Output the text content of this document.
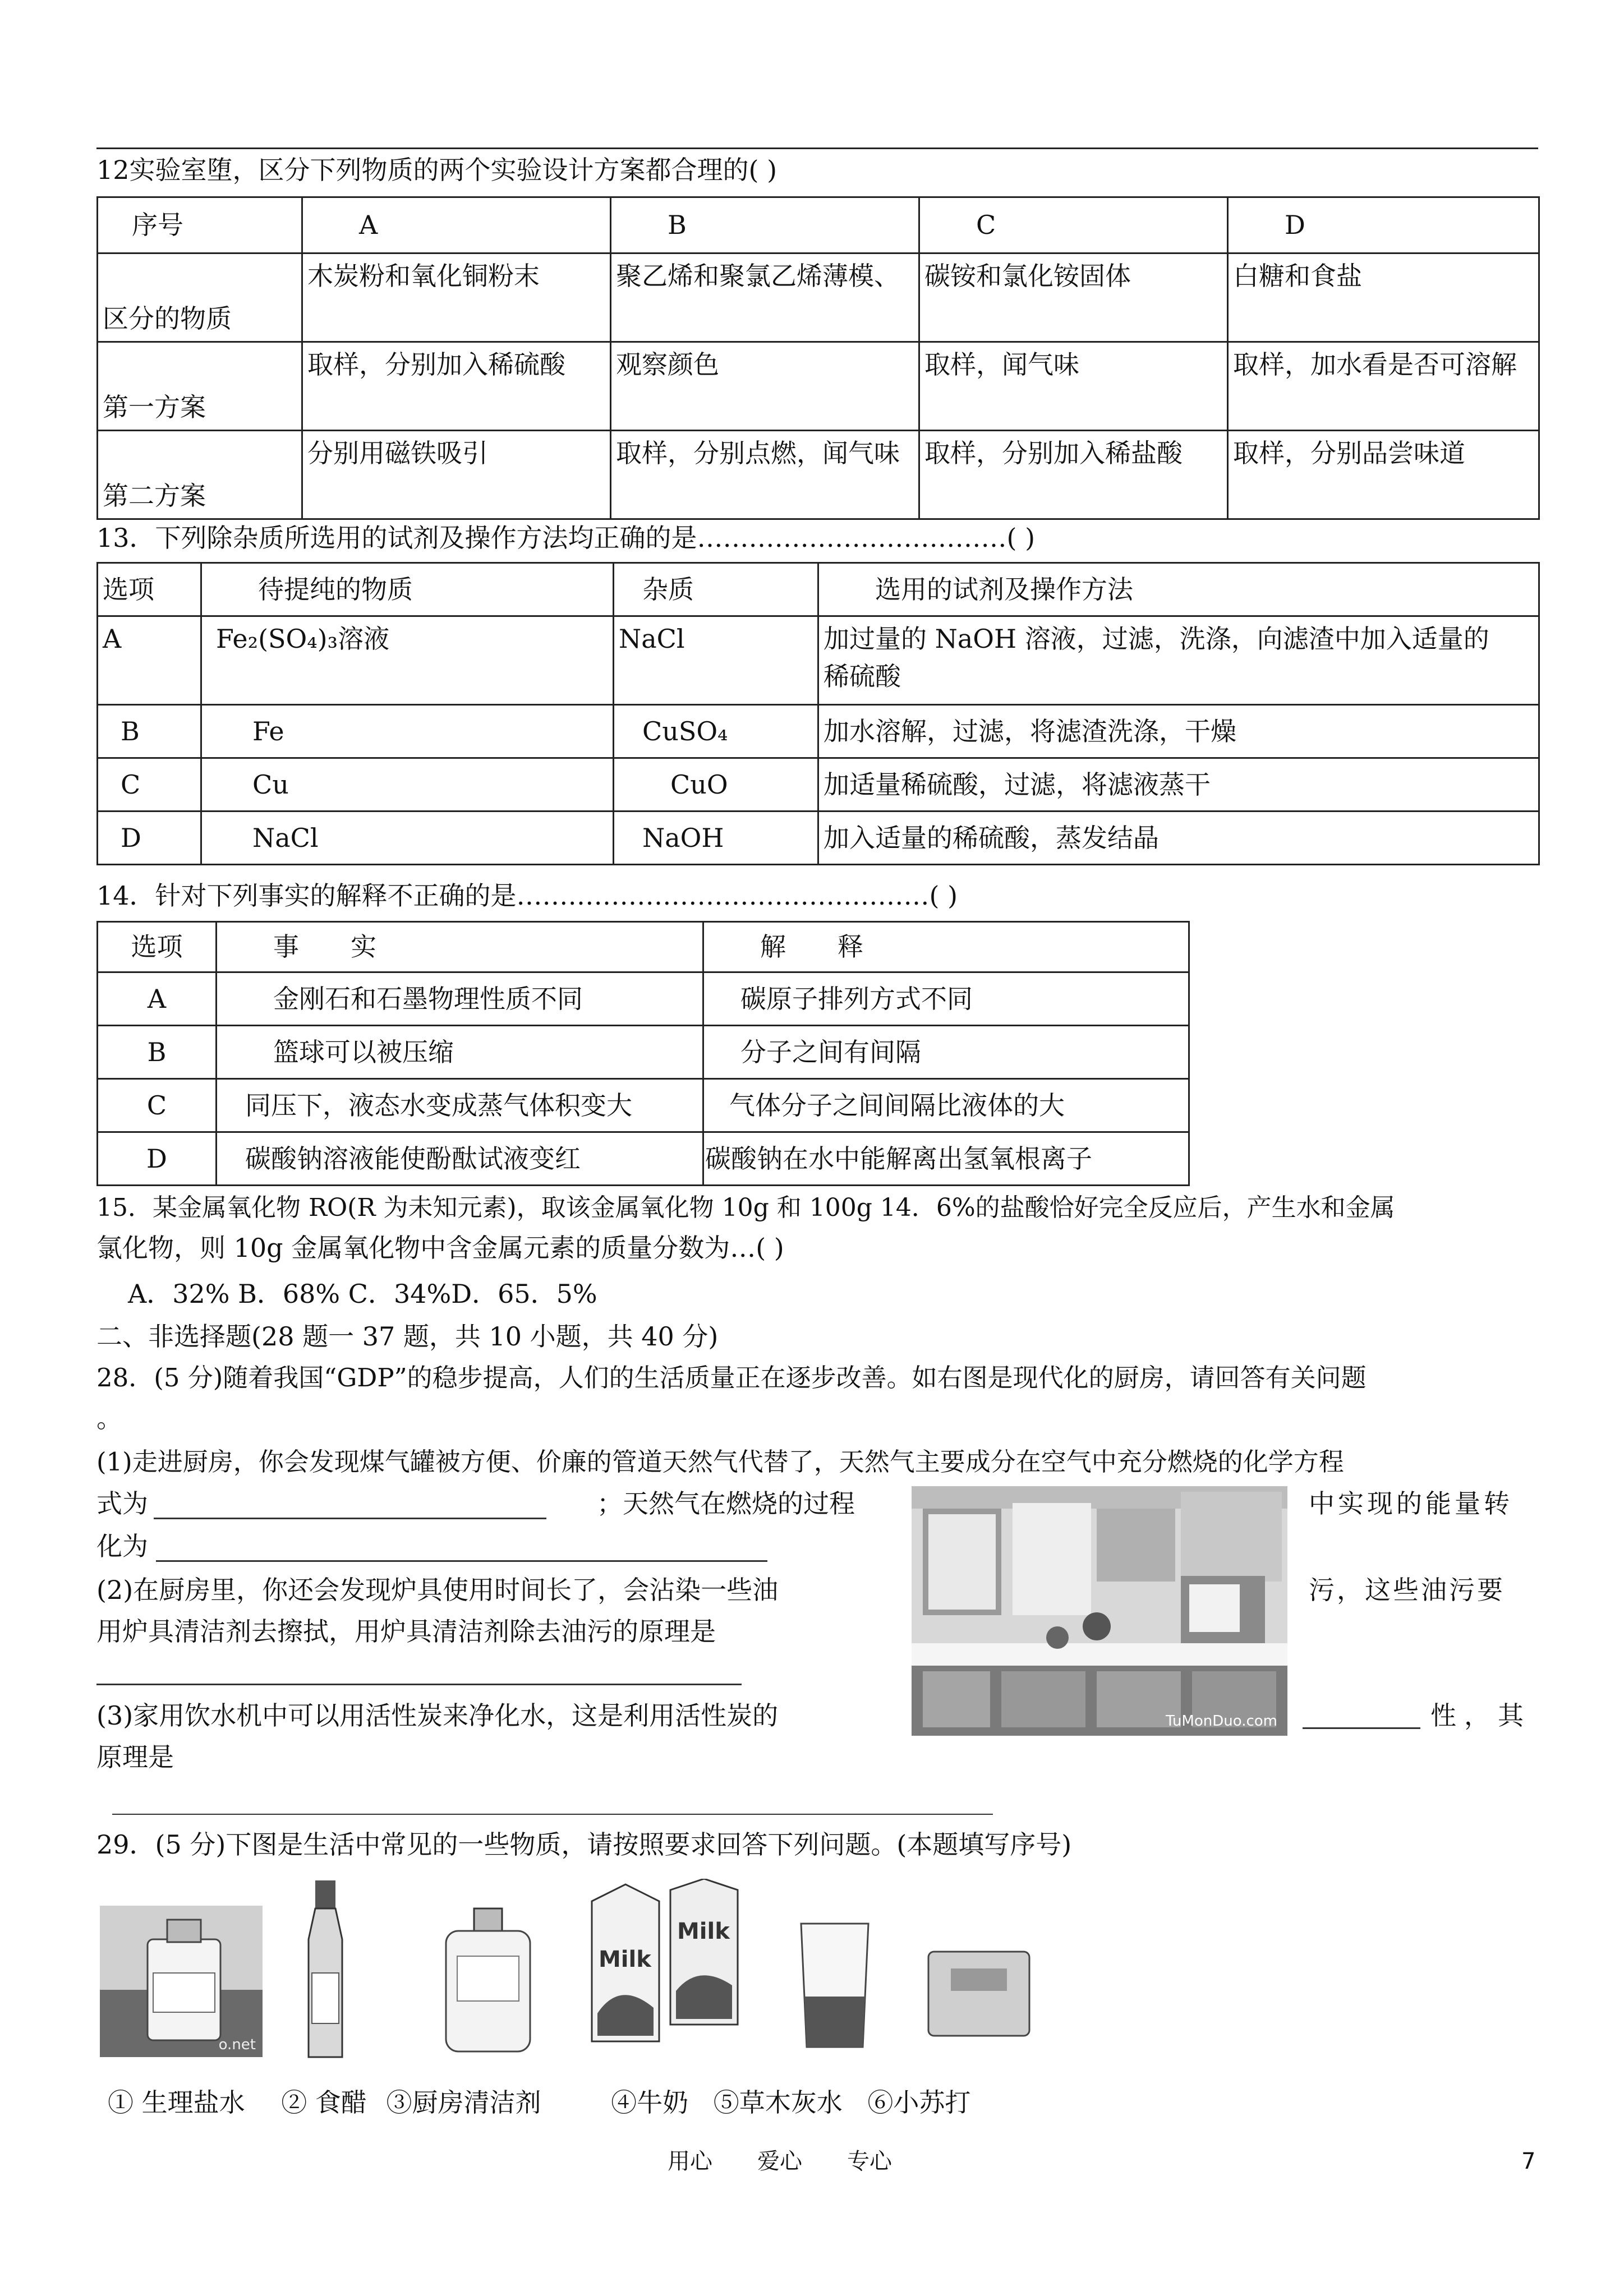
12实验室堕，区分下列物质的两个实验设计方案都合理的( )
序号	A	B	C	D
区分的物质	木炭粉和氧化铜粉末	聚乙烯和聚氯乙烯薄模、	碳铵和氯化铵固体	白糖和食盐
第一方案	取样，分别加入稀硫酸	观察颜色	取样，闻气味	取样，加水看是否可溶解
第二方案	分别用磁铁吸引	取样，分别点燃，闻气味	取样，分别加入稀盐酸	取样，分别品尝味道
13．下列除杂质所选用的试剂及操作方法均正确的是………………………………( )
选项	待提纯的物质	杂质	选用的试剂及操作方法
A	Fe₂(SO₄)₃溶液	NaCl	加过量的 NaOH 溶液，过滤，洗涤，向滤渣中加入适量的
稀硫酸

B	Fe	CuSO₄	加水溶解，过滤，将滤渣洗涤，干燥
C	Cu	CuO	加适量稀硫酸，过滤，将滤液蒸干
D	NaCl	NaOH	加入适量的稀硫酸，蒸发结晶
14．针对下列事实的解释不正确的是…………………………………………( )
选项	事　　实	解　　释
A	金刚石和石墨物理性质不同	碳原子排列方式不同
B	篮球可以被压缩	分子之间有间隔
C	同压下，液态水变成蒸气体积变大	气体分子之间间隔比液体的大
D	碳酸钠溶液能使酚酞试液变红	碳酸钠在水中能解离出氢氧根离子
15．某金属氧化物 RO(R 为未知元素)，取该金属氧化物 10g 和 100g 14．6%的盐酸恰好完全反应后，产生水和金属
氯化物，则 10g 金属氧化物中含金属元素的质量分数为…( )
A．32% B．68% C．34%D．65．5%
二、非选择题(28 题一 37 题，共 10 小题，共 40 分)
28．(5 分)随着我国“GDP”的稳步提高，人们的生活质量正在逐步改善。如右图是现代化的厨房，请回答有关问题
。
(1)走进厨房，你会发现煤气罐被方便、价廉的管道天然气代替了，天然气主要成分在空气中充分燃烧的化学方程
式为	；天然气在燃烧的过程	中实现的能量转
化为
(2)在厨房里，你还会发现炉具使用时间长了，会沾染一些油	污，这些油污要
用炉具清洁剂去擦拭，用炉具清洁剂除去油污的原理是
(3)家用饮水机中可以用活性炭来净化水，这是利用活性炭的	性，其
原理是
TuMonDuo.com
29．(5 分)下图是生活中常见的一些物质，请按照要求回答下列问题。(本题填写序号)
o.net
Milk
Milk
① 生理盐水 ② 食醋 ③厨房清洁剂	④牛奶 ⑤草木灰水 ⑥小苏打
用心　　爱心　　专心	7
